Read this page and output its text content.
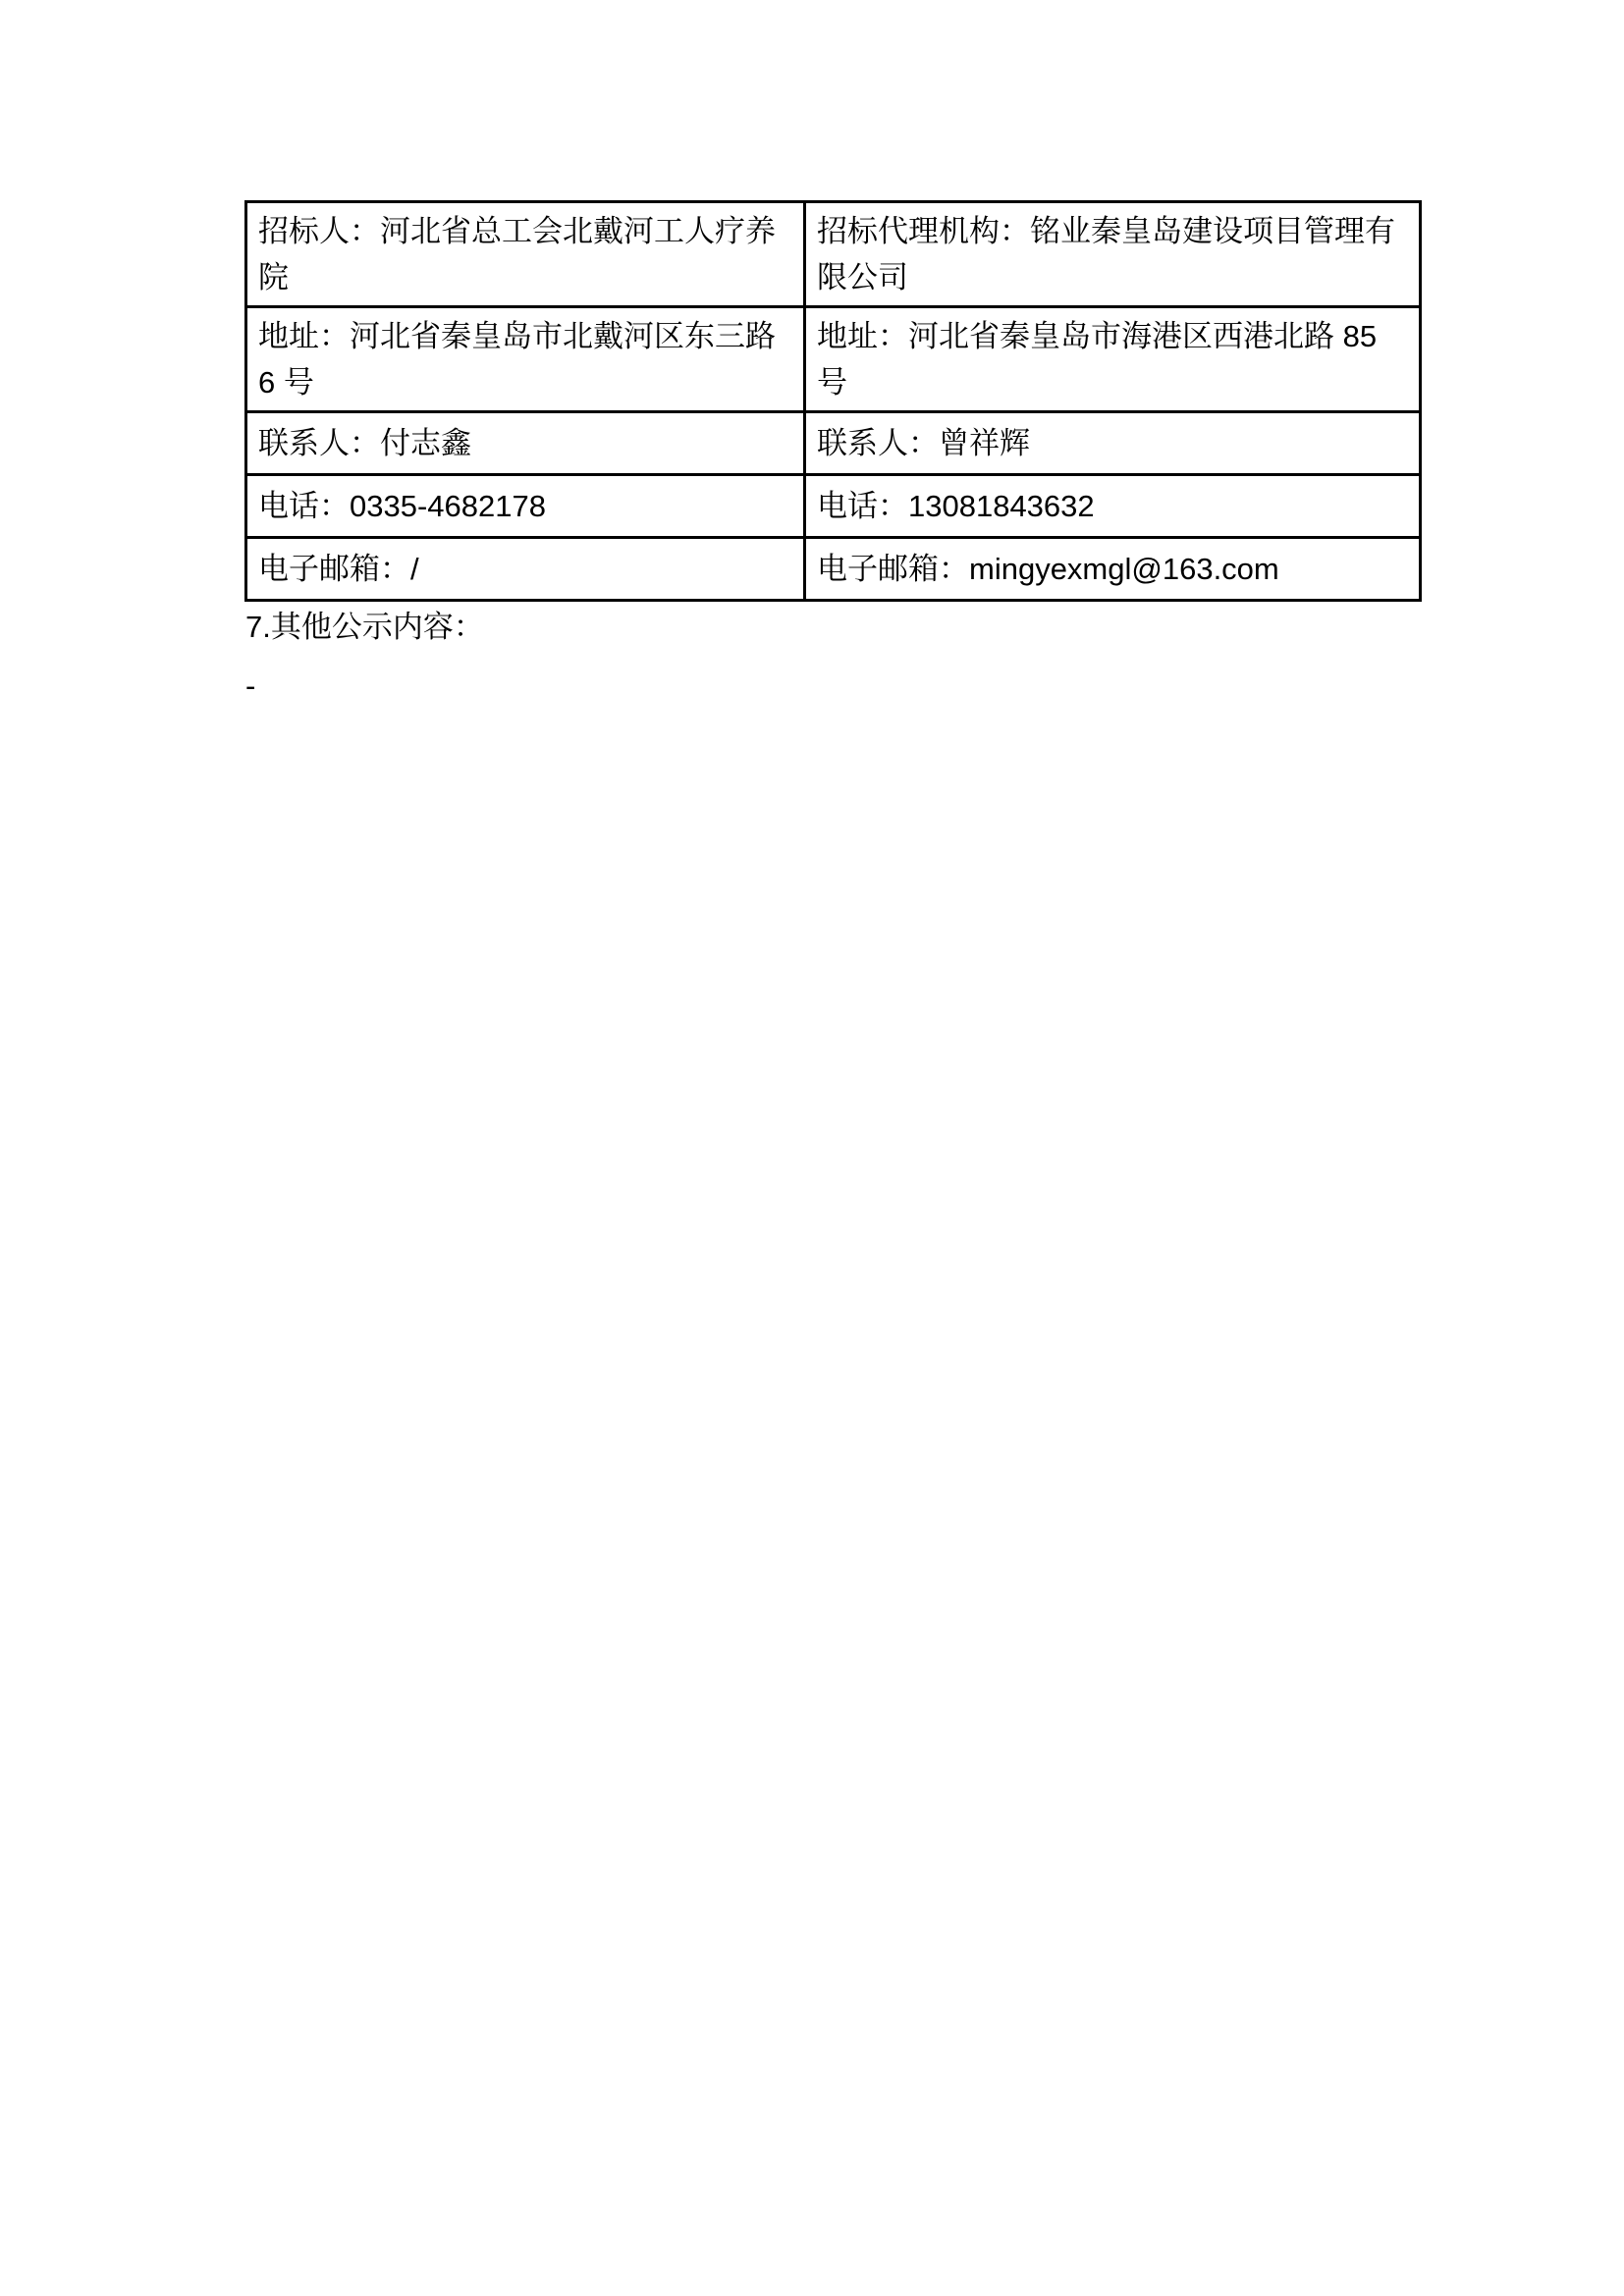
招标人：河北省总工会北戴河工人疗养院	招标代理机构：铭业秦皇岛建设项目管理有限公司
地址：河北省秦皇岛市北戴河区东三路 6 号	地址：河北省秦皇岛市海港区西港北路 85 号
联系人：付志鑫	联系人：曾祥辉
电话：0335-4682178	电话：13081843632
电子邮箱：/	电子邮箱：mingyexmgl@163.com
7.其他公示内容：
-
